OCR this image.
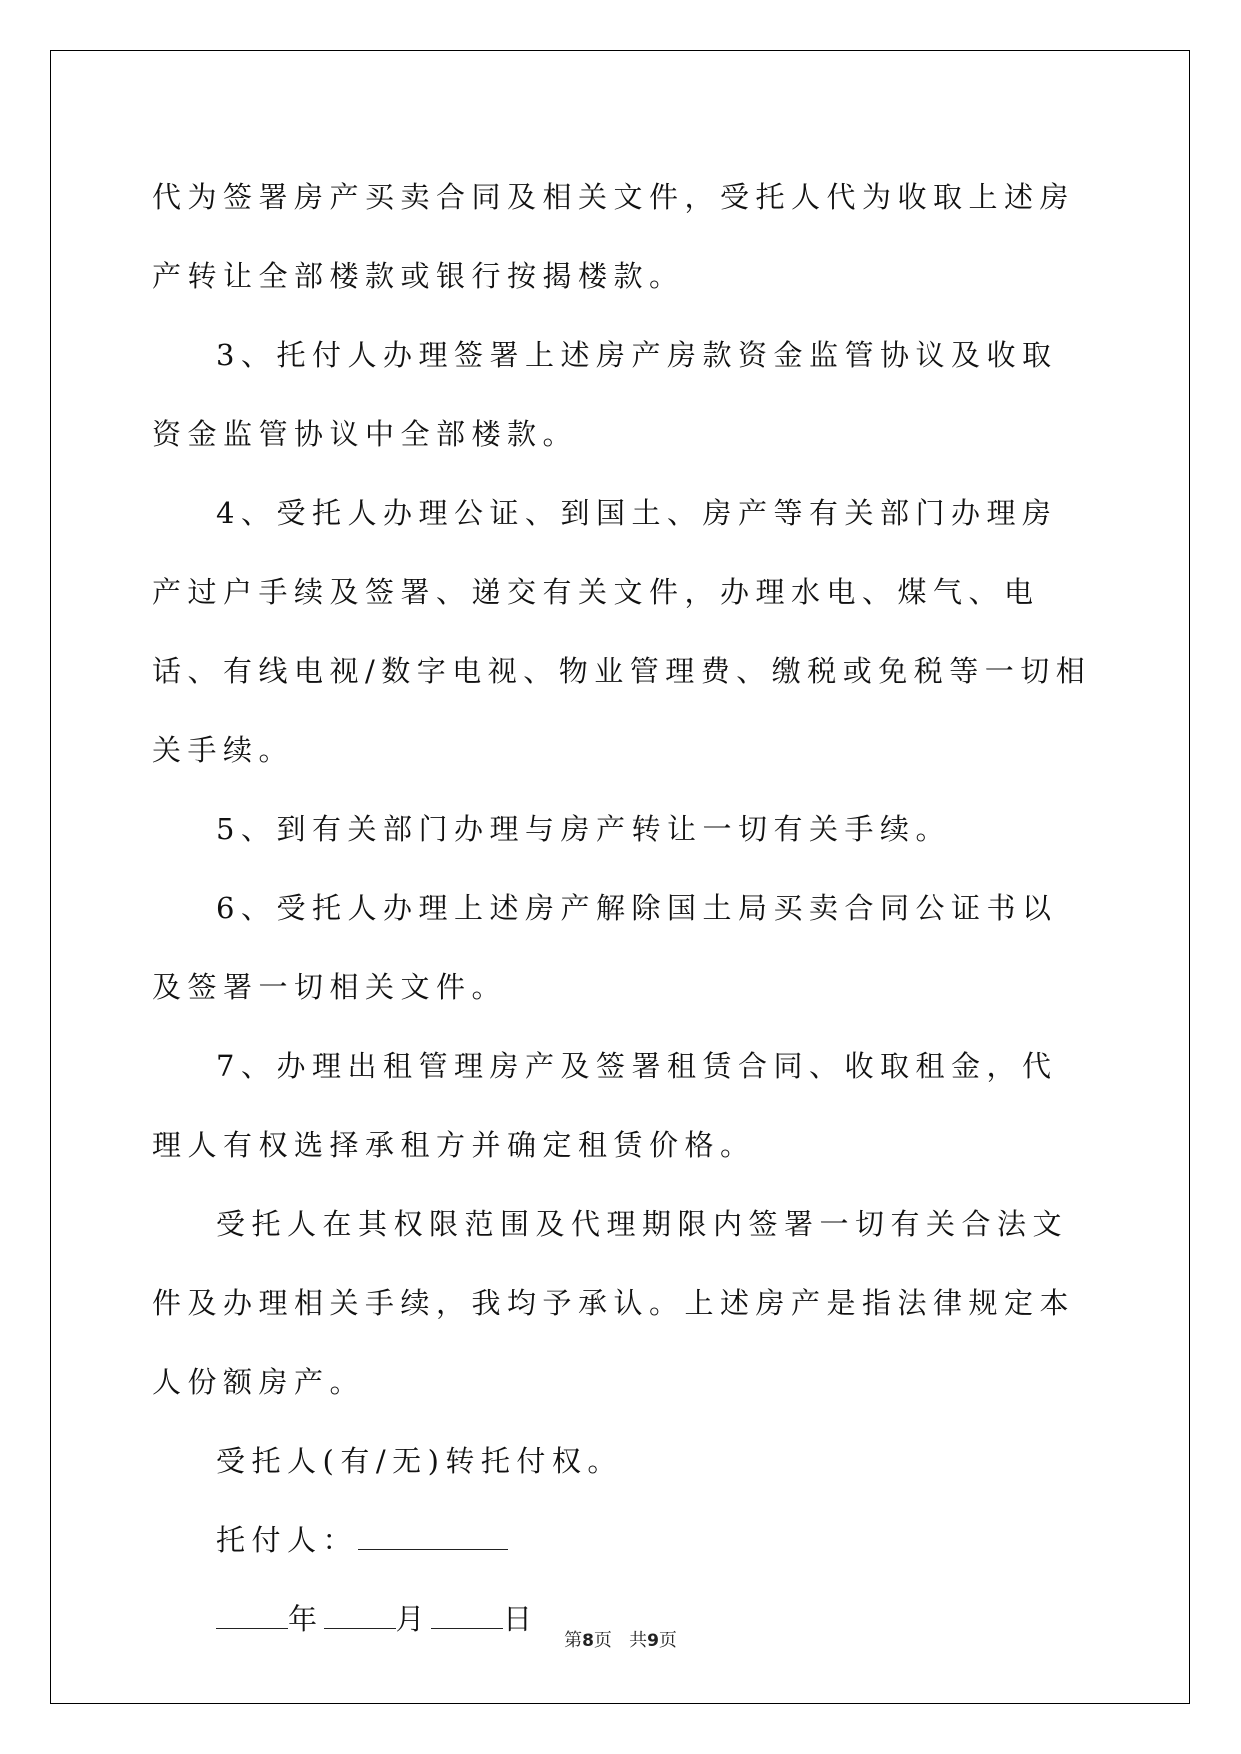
代为签署房产买卖合同及相关文件，受托人代为收取上述房产转让全部楼款或银行按揭楼款。

3、托付人办理签署上述房产房款资金监管协议及收取资金监管协议中全部楼款。

4、受托人办理公证、到国土、房产等有关部门办理房产过户手续及签署、递交有关文件，办理水电、煤气、电话、有线电视/数字电视、物业管理费、缴税或免税等一切相关手续。

5、到有关部门办理与房产转让一切有关手续。

6、受托人办理上述房产解除国土局买卖合同公证书以及签署一切相关文件。

7、办理出租管理房产及签署租赁合同、收取租金，代理人有权选择承租方并确定租赁价格。

受托人在其权限范围及代理期限内签署一切有关合法文件及办理相关手续，我均予承认。上述房产是指法律规定本人份额房产。

受托人(有/无)转托付权。

托付人：

年 月 日

第8页 共9页
